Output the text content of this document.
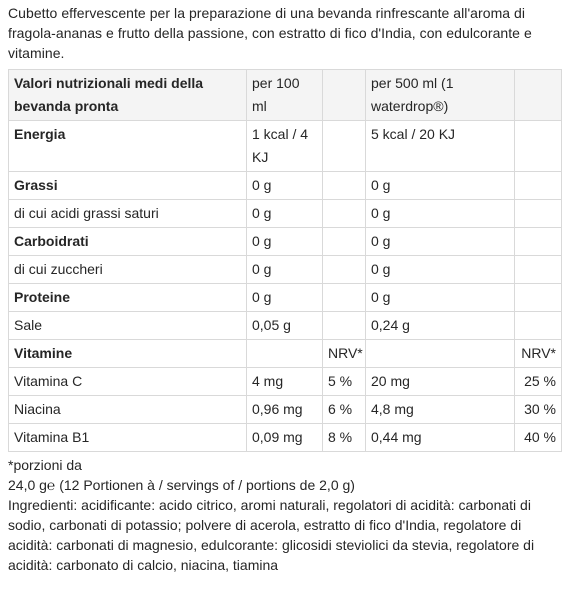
Cubetto effervescente per la preparazione di una bevanda rinfrescante all'aroma di fragola-ananas e frutto della passione, con estratto di fico d'India, con edulcorante e vitamine.

Valori nutrizionali medi della bevanda pronta	per 100 ml		per 500 ml (1 waterdrop®)	
Energia	1 kcal / 4 KJ		5 kcal / 20 KJ	
Grassi	0 g		0 g	
di cui acidi grassi saturi	0 g		0 g	
Carboidrati	0 g		0 g	
di cui zuccheri	0 g		0 g	
Proteine	0 g		0 g	
Sale	0,05 g		0,24 g	
Vitamine		NRV*		NRV*
Vitamina C	4 mg	5 %	20 mg	25 %
Niacina	0,96 mg	6 %	4,8 mg	30 %
Vitamina B1	0,09 mg	8 %	0,44 mg	40 %

*porzioni da

24,0 g℮ (12 Portionen à / servings of / portions de 2,0 g)

Ingredienti: acidificante: acido citrico, aromi naturali, regolatori di acidità: carbonati di sodio, carbonati di potassio; polvere di acerola, estratto di fico d'India, regolatore di acidità: carbonati di magnesio, edulcorante: glicosidi steviolici da stevia, regolatore di acidità: carbonato di calcio, niacina, tiamina
